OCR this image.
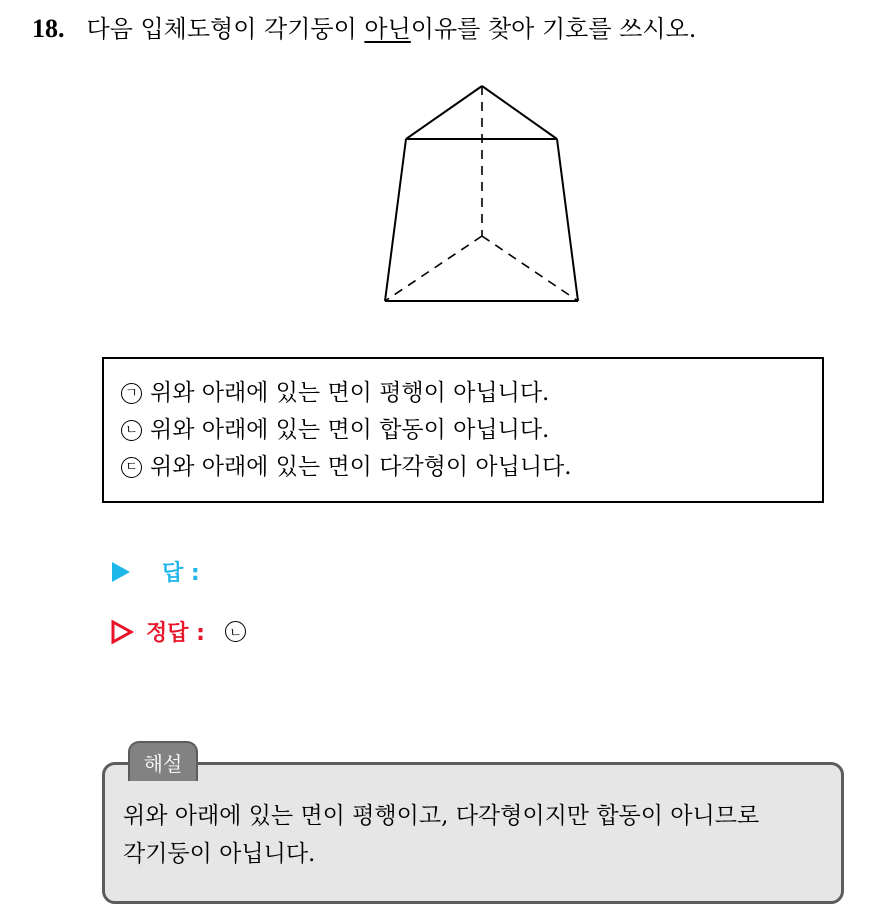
18. 다음 입체도형이 각기둥이 아닌이유를 찾아 기호를 쓰시오.
ㄱ 위와 아래에 있는 면이 평행이 아닙니다.
ㄴ 위와 아래에 있는 면이 합동이 아닙니다.
ㄷ 위와 아래에 있는 면이 다각형이 아닙니다.
답 :
정답 :	ㄴ
해설
위와 아래에 있는 면이 평행이고, 다각형이지만 합동이 아니므로
각기둥이 아닙니다.
